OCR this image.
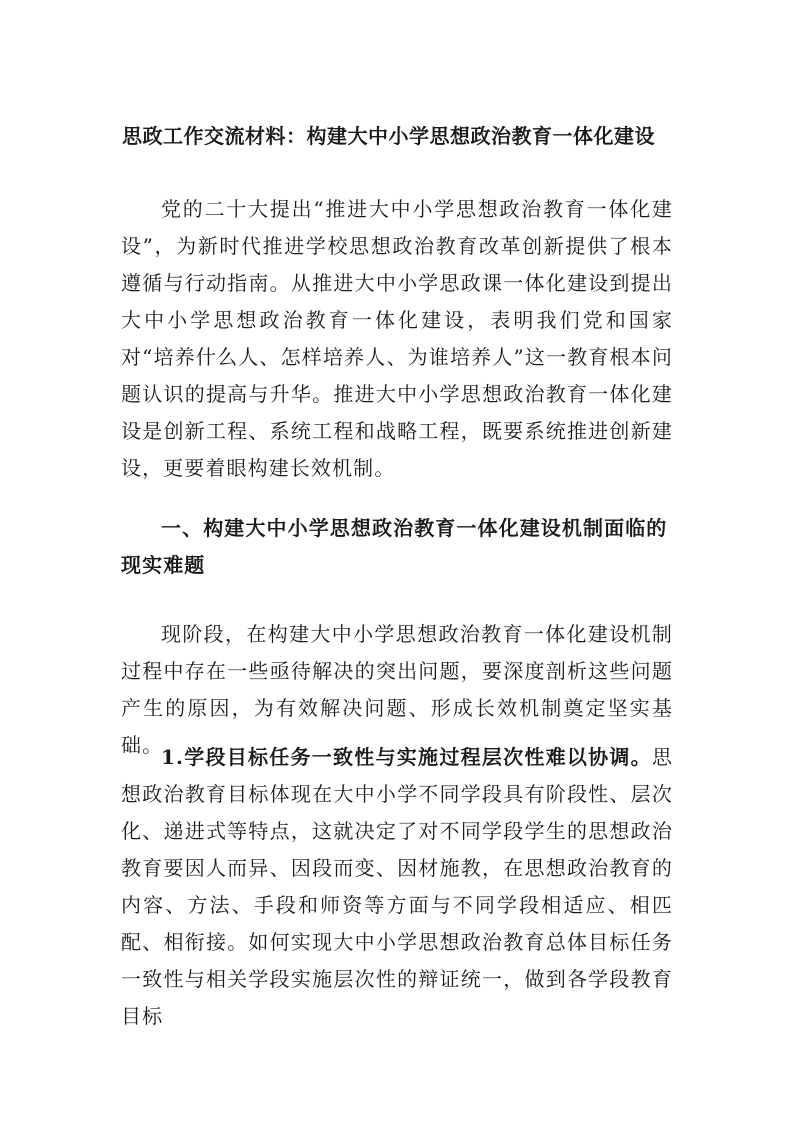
思政工作交流材料：构建大中小学思想政治教育一体化建设

党的二十大提出“推进大中小学思想政治教育一体化建设”，为新时代推进学校思想政治教育改革创新提供了根本遵循与行动指南。从推进大中小学思政课一体化建设到提出大中小学思想政治教育一体化建设，表明我们党和国家对“培养什么人、怎样培养人、为谁培养人”这一教育根本问题认识的提高与升华。推进大中小学思想政治教育一体化建设是创新工程、系统工程和战略工程，既要系统推进创新建设，更要着眼构建长效机制。

一、构建大中小学思想政治教育一体化建设机制面临的现实难题

现阶段，在构建大中小学思想政治教育一体化建设机制过程中存在一些亟待解决的突出问题，要深度剖析这些问题产生的原因，为有效解决问题、形成长效机制奠定坚实基础。

1.学段目标任务一致性与实施过程层次性难以协调。思想政治教育目标体现在大中小学不同学段具有阶段性、层次化、递进式等特点，这就决定了对不同学段学生的思想政治教育要因人而异、因段而变、因材施教，在思想政治教育的内容、方法、手段和师资等方面与不同学段相适应、相匹配、相衔接。如何实现大中小学思想政治教育总体目标任务一致性与相关学段实施层次性的辩证统一，做到各学段教育目标
